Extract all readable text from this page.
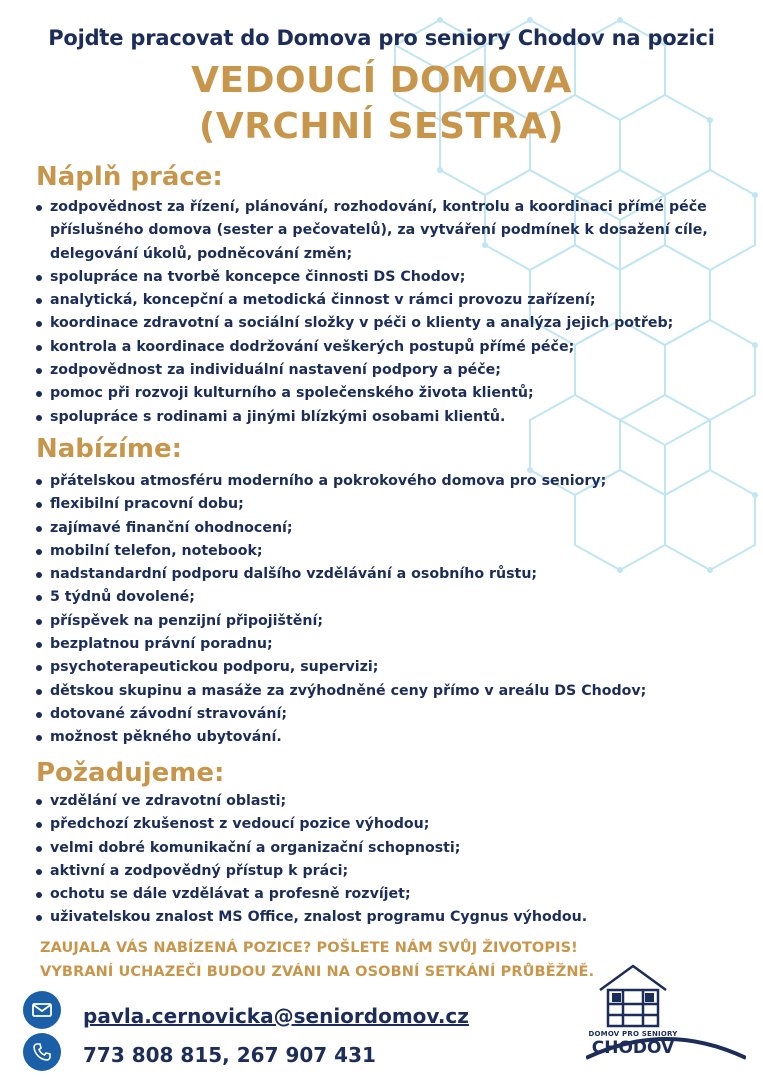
Pojďte pracovat do Domova pro seniory Chodov na pozici
VEDOUCÍ DOMOVA
(VRCHNÍ SESTRA)
Náplň práce:
zodpovědnost za řízení, plánování, rozhodování, kontrolu a koordinaci přímé péče příslušného domova (sester a pečovatelů), za vytváření podmínek k dosažení cíle, delegování úkolů, podněcování změn;
spolupráce na tvorbě koncepce činnosti DS Chodov;
analytická, koncepční a metodická činnost v rámci provozu zařízení;
koordinace zdravotní a sociální složky v péči o klienty a analýza jejich potřeb;
kontrola a koordinace dodržování veškerých postupů přímé péče;
zodpovědnost za individuální nastavení podpory a péče;
pomoc při rozvoji kulturního a společenského života klientů;
spolupráce s rodinami a jinými blízkými osobami klientů.
Nabízíme:
přátelskou atmosféru moderního a pokrokového domova pro seniory;
flexibilní pracovní dobu;
zajímavé finanční ohodnocení;
mobilní telefon, notebook;
nadstandardní podporu dalšího vzdělávání a osobního růstu;
5 týdnů dovolené;
příspěvek na penzijní připojištění;
bezplatnou právní poradnu;
psychoterapeutickou podporu, supervizi;
dětskou skupinu a masáže za zvýhodněné ceny přímo v areálu DS Chodov;
dotované závodní stravování;
možnost pěkného ubytování.
Požadujeme:
vzdělání ve zdravotní oblasti;
předchozí zkušenost z vedoucí pozice výhodou;
velmi dobré komunikační a organizační schopnosti;
aktivní a zodpovědný přístup k práci;
ochotu se dále vzdělávat a profesně rozvíjet;
uživatelskou znalost MS Office, znalost programu Cygnus výhodou.
ZAUJALA VÁS NABÍZENÁ POZICE? POŠLETE NÁM SVŮJ ŽIVOTOPIS!
VYBRANÍ UCHAZEČI BUDOU ZVÁNI NA OSOBNÍ SETKÁNÍ PRŮBĚŽNĚ.
pavla.cernovicka@seniordomov.cz
773 808 815, 267 907 431
DOMOV PRO SENIORY
CHODOV
